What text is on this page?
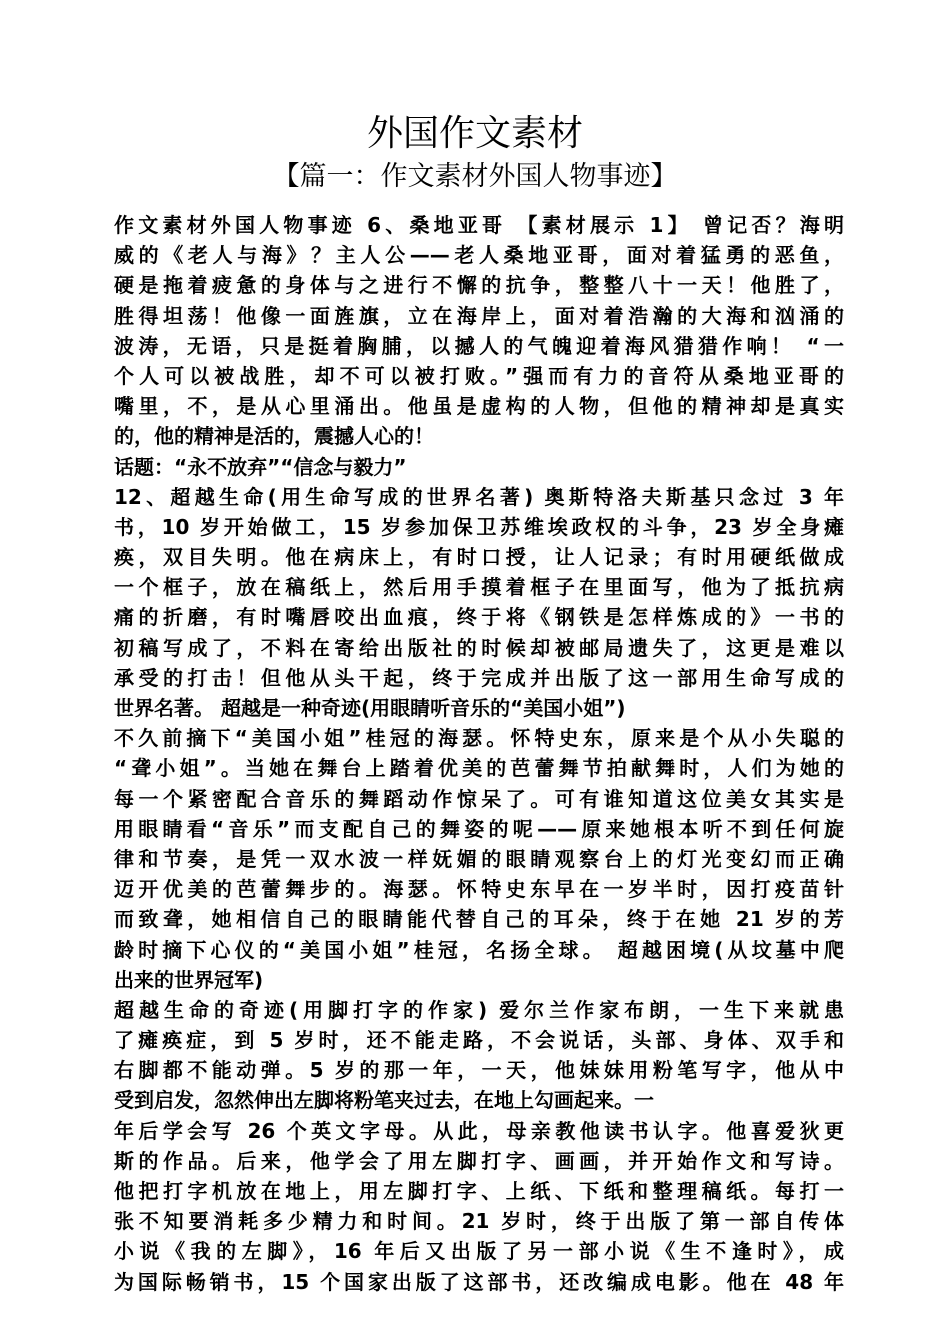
外国作文素材
【篇一：作文素材外国人物事迹】
作文素材外国人物事迹 6、桑地亚哥 【素材展示 1】 曾记否？海明
威的《老人与海》？主人公——老人桑地亚哥，面对着猛勇的恶鱼，
硬是拖着疲惫的身体与之进行不懈的抗争，整整八十一天！他胜了，
胜得坦荡！他像一面旌旗，立在海岸上，面对着浩瀚的大海和汹涌的
波涛，无语，只是挺着胸脯，以撼人的气魄迎着海风猎猎作响！ “一
个人可以被战胜，却不可以被打败。”强而有力的音符从桑地亚哥的
嘴里，不，是从心里涌出。他虽是虚构的人物，但他的精神却是真实
的，他的精神是活的，震撼人心的！
话题：“永不放弃”“信念与毅力”
12、超越生命(用生命写成的世界名著) 奥斯特洛夫斯基只念过 3 年
书，10 岁开始做工，15 岁参加保卫苏维埃政权的斗争，23 岁全身瘫
痪，双目失明。他在病床上，有时口授，让人记录；有时用硬纸做成
一个框子，放在稿纸上，然后用手摸着框子在里面写，他为了抵抗病
痛的折磨，有时嘴唇咬出血痕，终于将《钢铁是怎样炼成的》一书的
初稿写成了，不料在寄给出版社的时候却被邮局遗失了，这更是难以
承受的打击！但他从头干起，终于完成并出版了这一部用生命写成的
世界名著。 超越是一种奇迹(用眼睛听音乐的“美国小姐”)
不久前摘下“美国小姐”桂冠的海瑟。怀特史东，原来是个从小失聪的
“聋小姐”。当她在舞台上踏着优美的芭蕾舞节拍献舞时，人们为她的
每一个紧密配合音乐的舞蹈动作惊呆了。可有谁知道这位美女其实是
用眼睛看“音乐”而支配自己的舞姿的呢——原来她根本听不到任何旋
律和节奏，是凭一双水波一样妩媚的眼睛观察台上的灯光变幻而正确
迈开优美的芭蕾舞步的。海瑟。怀特史东早在一岁半时，因打疫苗针
而致聋，她相信自己的眼睛能代替自己的耳朵，终于在她 21 岁的芳
龄时摘下心仪的“美国小姐”桂冠，名扬全球。 超越困境(从坟墓中爬
出来的世界冠军)
超越生命的奇迹(用脚打字的作家) 爱尔兰作家布朗，一生下来就患
了瘫痪症，到 5 岁时，还不能走路，不会说话，头部、身体、双手和
右脚都不能动弹。5 岁的那一年，一天，他妹妹用粉笔写字，他从中
受到启发，忽然伸出左脚将粉笔夹过去，在地上勾画起来。一
年后学会写 26 个英文字母。从此，母亲教他读书认字。他喜爱狄更
斯的作品。后来，他学会了用左脚打字、画画，并开始作文和写诗。
他把打字机放在地上，用左脚打字、上纸、下纸和整理稿纸。每打一
张不知要消耗多少精力和时间。21 岁时，终于出版了第一部自传体
小说《我的左脚》，16 年后又出版了另一部小说《生不逢时》，成
为国际畅销书，15 个国家出版了这部书，还改编成电影。他在 48 年
